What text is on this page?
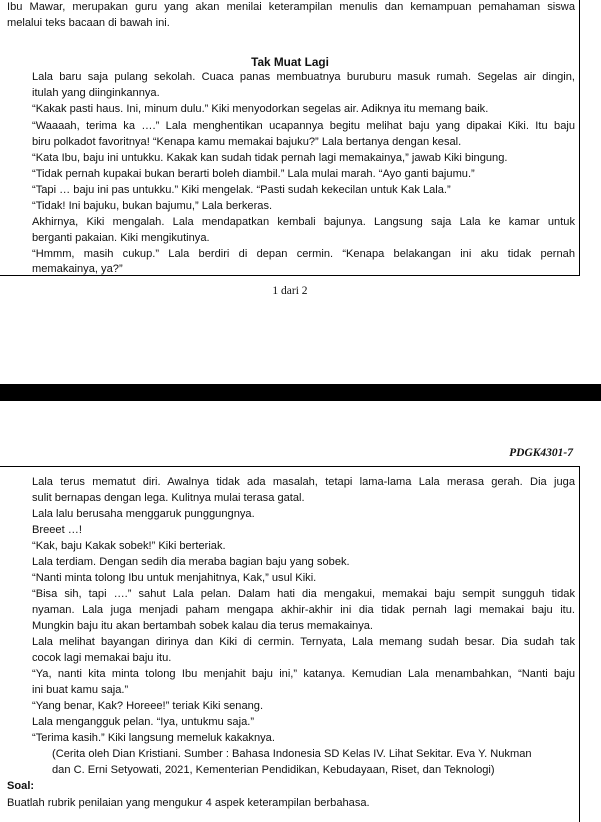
Ibu Mawar, merupakan guru yang akan menilai keterampilan menulis dan kemampuan pemahaman siswa
melalui teks bacaan di bawah ini.
Tak Muat Lagi
Lala baru saja pulang sekolah. Cuaca panas membuatnya buruburu masuk rumah. Segelas air dingin,
itulah yang diinginkannya.
“Kakak pasti haus. Ini, minum dulu.” Kiki menyodorkan segelas air. Adiknya itu memang baik.
“Waaaah, terima ka ….” Lala menghentikan ucapannya begitu melihat baju yang dipakai Kiki. Itu baju
biru polkadot favoritnya! “Kenapa kamu memakai bajuku?” Lala bertanya dengan kesal.
“Kata Ibu, baju ini untukku. Kakak kan sudah tidak pernah lagi memakainya,” jawab Kiki bingung.
“Tidak pernah kupakai bukan berarti boleh diambil.” Lala mulai marah. “Ayo ganti bajumu.”
“Tapi … baju ini pas untukku.” Kiki mengelak. “Pasti sudah kekecilan untuk Kak Lala.”
“Tidak! Ini bajuku, bukan bajumu,” Lala berkeras.
Akhirnya, Kiki mengalah. Lala mendapatkan kembali bajunya. Langsung saja Lala ke kamar untuk
berganti pakaian. Kiki mengikutinya.
“Hmmm, masih cukup.” Lala berdiri di depan cermin. “Kenapa belakangan ini aku tidak pernah
memakainya, ya?”
1 dari 2
PDGK4301-7
Lala terus mematut diri. Awalnya tidak ada masalah, tetapi lama-lama Lala merasa gerah. Dia juga
sulit bernapas dengan lega. Kulitnya mulai terasa gatal.
Lala lalu berusaha menggaruk punggungnya.
Breeet …!
“Kak, baju Kakak sobek!” Kiki berteriak.
Lala terdiam. Dengan sedih dia meraba bagian baju yang sobek.
“Nanti minta tolong Ibu untuk menjahitnya, Kak,” usul Kiki.
“Bisa sih, tapi ….” sahut Lala pelan. Dalam hati dia mengakui, memakai baju sempit sungguh tidak
nyaman. Lala juga menjadi paham mengapa akhir-akhir ini dia tidak pernah lagi memakai baju itu.
Mungkin baju itu akan bertambah sobek kalau dia terus memakainya.
Lala melihat bayangan dirinya dan Kiki di cermin. Ternyata, Lala memang sudah besar. Dia sudah tak
cocok lagi memakai baju itu.
“Ya, nanti kita minta tolong Ibu menjahit baju ini,” katanya. Kemudian Lala menambahkan, “Nanti baju
ini buat kamu saja.”
“Yang benar, Kak? Horeee!” teriak Kiki senang.
Lala mengangguk pelan. “Iya, untukmu saja.”
“Terima kasih.” Kiki langsung memeluk kakaknya.
(Cerita oleh Dian Kristiani. Sumber : Bahasa Indonesia SD Kelas IV. Lihat Sekitar. Eva Y. Nukman
dan C. Erni Setyowati, 2021, Kementerian Pendidikan, Kebudayaan, Riset, dan Teknologi)
Soal:
Buatlah rubrik penilaian yang mengukur 4 aspek keterampilan berbahasa.
